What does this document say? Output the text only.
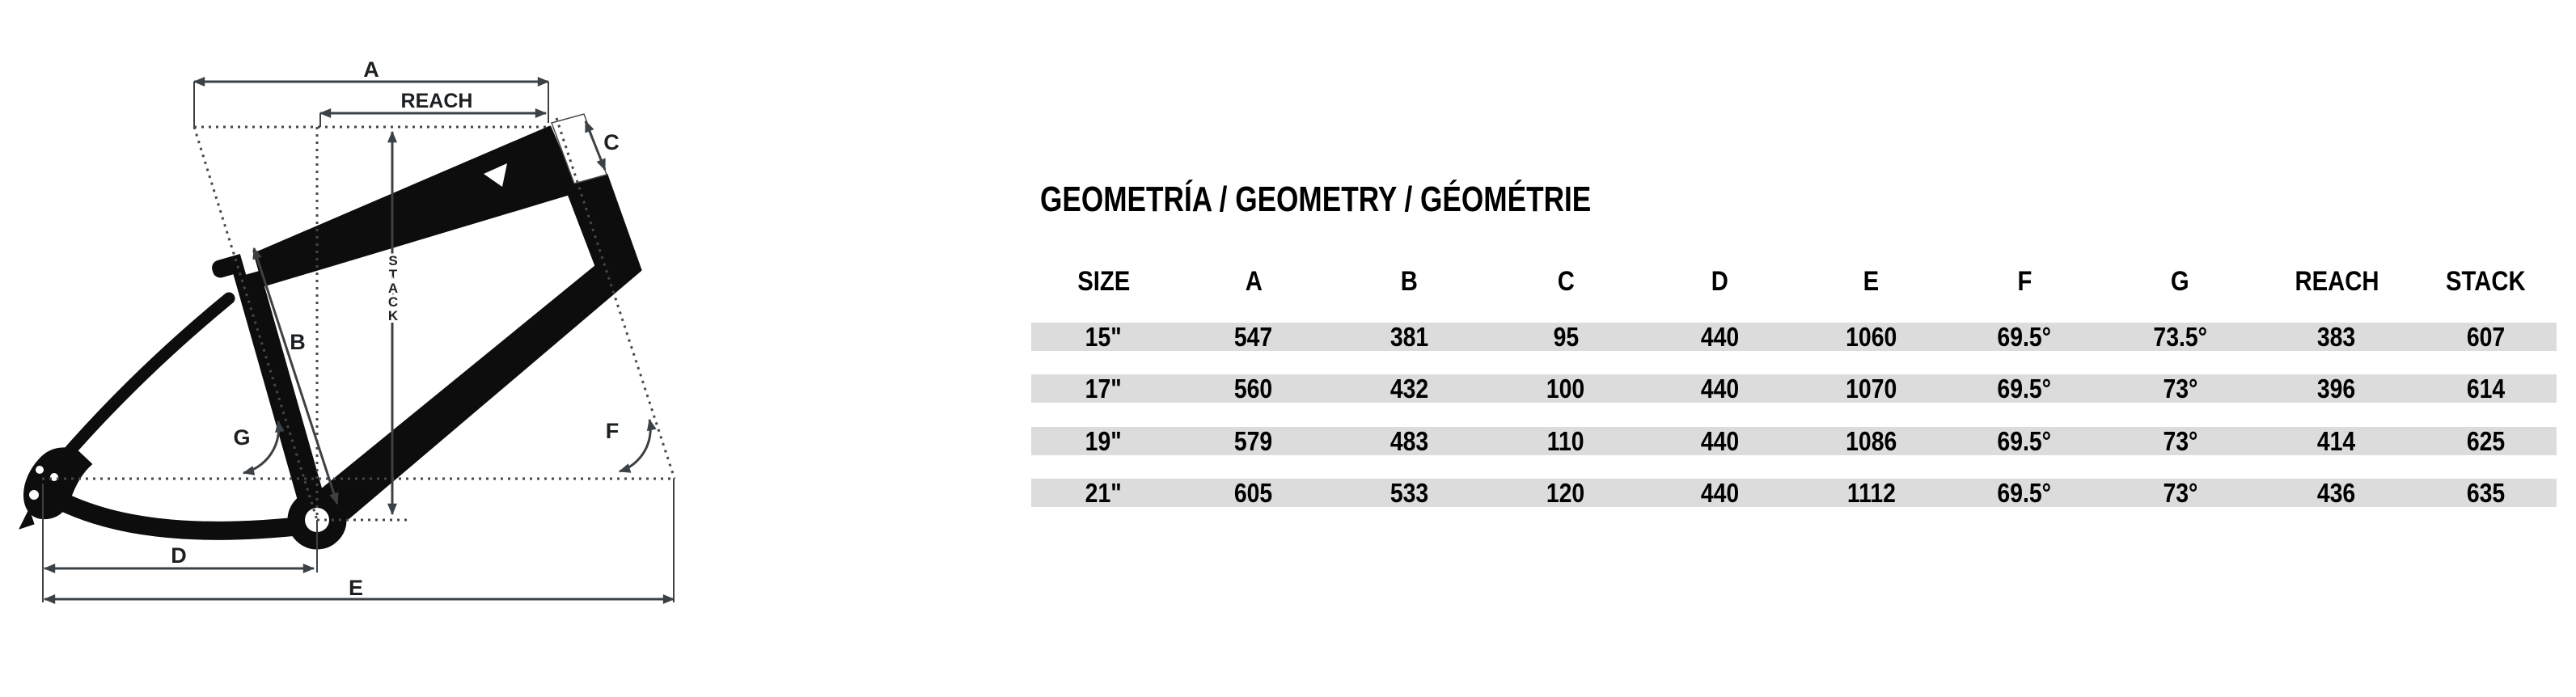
A
REACH
C
B
G	F
D
E
S T A C K
GEOMETRÍA / GEOMETRY / GÉOMÉTRIE
SIZE	A	B	C	D	E	F	G	REACH	STACK
15"	547	381	95	440	1060	69.5°	73.5°	383	607
17"	560	432	100	440	1070	69.5°	73°	396	614
19"	579	483	110	440	1086	69.5°	73°	414	625
21"	605	533	120	440	1112	69.5°	73°	436	635
